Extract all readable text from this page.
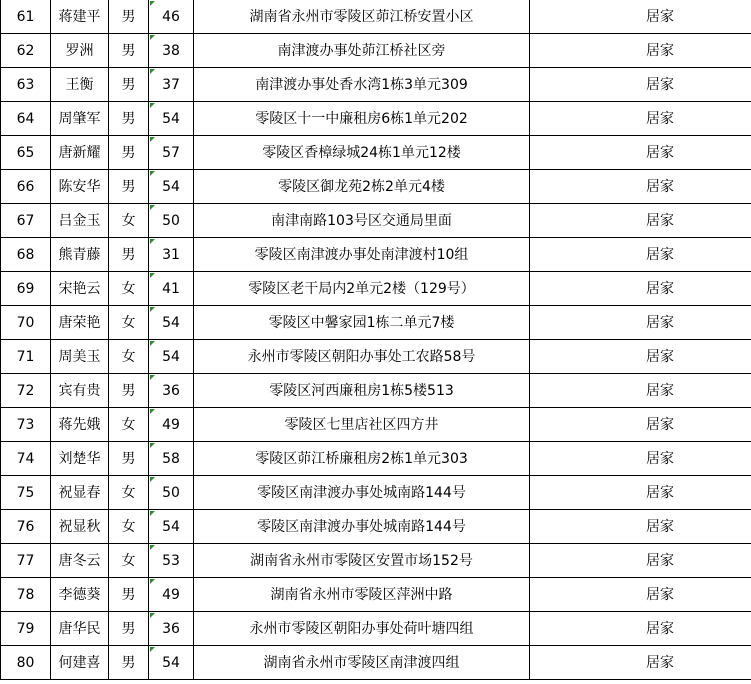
61	蒋建平	男	46	湖南省永州市零陵区茆江桥安置小区	居家
62	罗洲	男	38	南津渡办事处茆江桥社区旁	居家
63	王衡	男	37	南津渡办事处香水湾1栋3单元309	居家
64	周肇军	男	54	零陵区十一中廉租房6栋1单元202	居家
65	唐新耀	男	57	零陵区香樟绿城24栋1单元12楼	居家
66	陈安华	男	54	零陵区御龙苑2栋2单元4楼	居家
67	吕金玉	女	50	南津南路103号区交通局里面	居家
68	熊青藤	男	31	零陵区南津渡办事处南津渡村10组	居家
69	宋艳云	女	41	零陵区老干局内2单元2楼（129号）	居家
70	唐荣艳	女	54	零陵区中馨家园1栋二单元7楼	居家
71	周美玉	女	54	永州市零陵区朝阳办事处工农路58号	居家
72	宾有贵	男	36	零陵区河西廉租房1栋5楼513	居家
73	蒋先娥	女	49	零陵区七里店社区四方井	居家
74	刘楚华	男	58	零陵区茆江桥廉租房2栋1单元303	居家
75	祝显春	女	50	零陵区南津渡办事处城南路144号	居家
76	祝显秋	女	54	零陵区南津渡办事处城南路144号	居家
77	唐冬云	女	53	湖南省永州市零陵区安置市场152号	居家
78	李德葵	男	49	湖南省永州市零陵区萍洲中路	居家
79	唐华民	男	36	永州市零陵区朝阳办事处荷叶塘四组	居家
80	何建喜	男	54	湖南省永州市零陵区南津渡四组	居家
